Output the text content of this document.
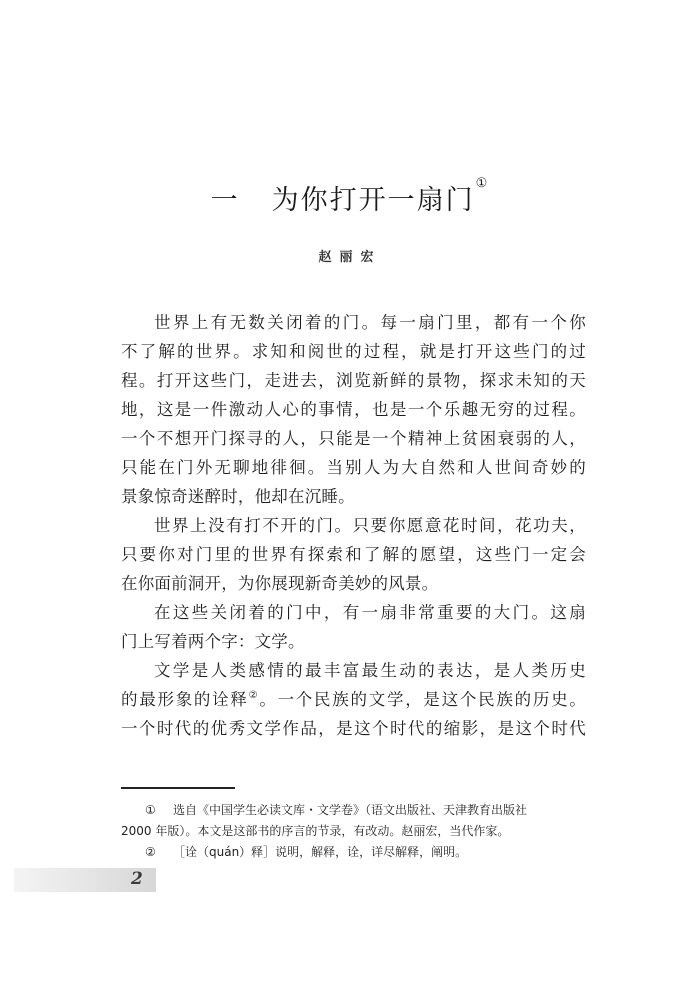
一 为你打开一扇门①
赵丽宏
世界上有无数关闭着的门。每一扇门里，都有一个你
不了解的世界。求知和阅世的过程，就是打开这些门的过
程。打开这些门，走进去，浏览新鲜的景物，探求未知的天
地，这是一件激动人心的事情，也是一个乐趣无穷的过程。
一个不想开门探寻的人，只能是一个精神上贫困衰弱的人，
只能在门外无聊地徘徊。当别人为大自然和人世间奇妙的
景象惊奇迷醉时，他却在沉睡。
世界上没有打不开的门。只要你愿意花时间，花功夫，
只要你对门里的世界有探索和了解的愿望，这些门一定会
在你面前洞开，为你展现新奇美妙的风景。
在这些关闭着的门中，有一扇非常重要的大门。这扇
门上写着两个字：文学。
文学是人类感情的最丰富最生动的表达，是人类历史
的最形象的诠释②。一个民族的文学，是这个民族的历史。
一个时代的优秀文学作品，是这个时代的缩影，是这个时代
① 选自《中国学生必读文库・文学卷》（语文出版社、天津教育出版社
2000 年版）。本文是这部书的序言的节录，有改动。赵丽宏，当代作家。
② ［诠（quán）释］说明，解释，诠，详尽解释，阐明。
2
